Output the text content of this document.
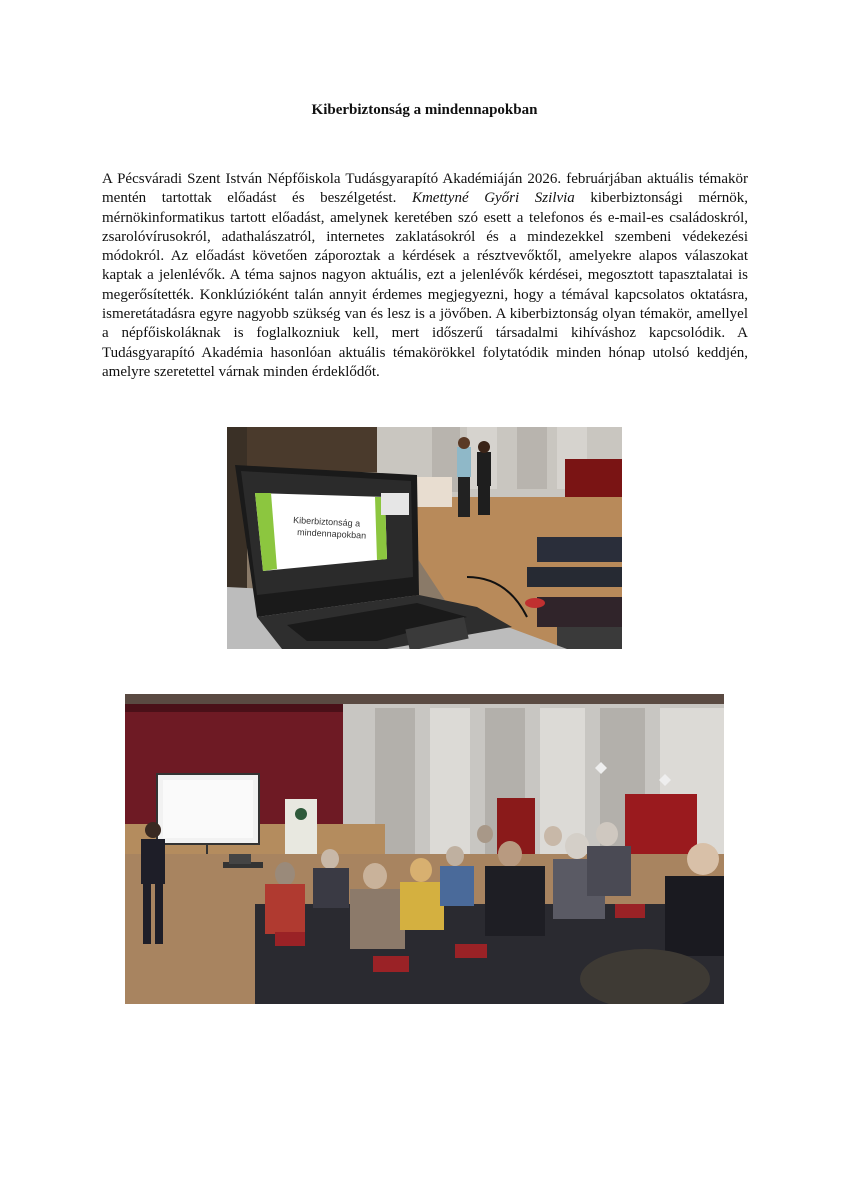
Kiberbiztonság a mindennapokban

A Pécsváradi Szent István Népfőiskola Tudásgyarapító Akadémiáján 2026. februárjában aktuális témakör mentén tartottak előadást és beszélgetést. Kmettyné Győri Szilvia kiberbiztonsági mérnök, mérnökinformatikus tartott előadást, amelynek keretében szó esett a telefonos és e-mail-es családoskról, zsarolóvírusokról, adathalászatról, internetes zaklatásokról és a mindezekkel szembeni védekezési módokról. Az előadást követően záporoztak a kérdések a résztvevőktől, amelyekre alapos válaszokat kaptak a jelenlévők. A téma sajnos nagyon aktuális, ezt a jelenlévők kérdései, megosztott tapasztalatai is megerősítették. Konklúzióként talán annyit érdemes megjegyezni, hogy a témával kapcsolatos oktatásra, ismeretátadásra egyre nagyobb szükség van és lesz is a jövőben. A kiberbiztonság olyan témakör, amellyel a népfőiskoláknak is foglalkozniuk kell, mert időszerű társadalmi kihíváshoz kapcsolódik. A Tudásgyarapító Akadémia hasonlóan aktuális témakörökkel folytatódik minden hónap utolsó keddjén, amelyre szeretettel várnak minden érdeklődőt.

Kiberbiztonság a
mindennapokban
